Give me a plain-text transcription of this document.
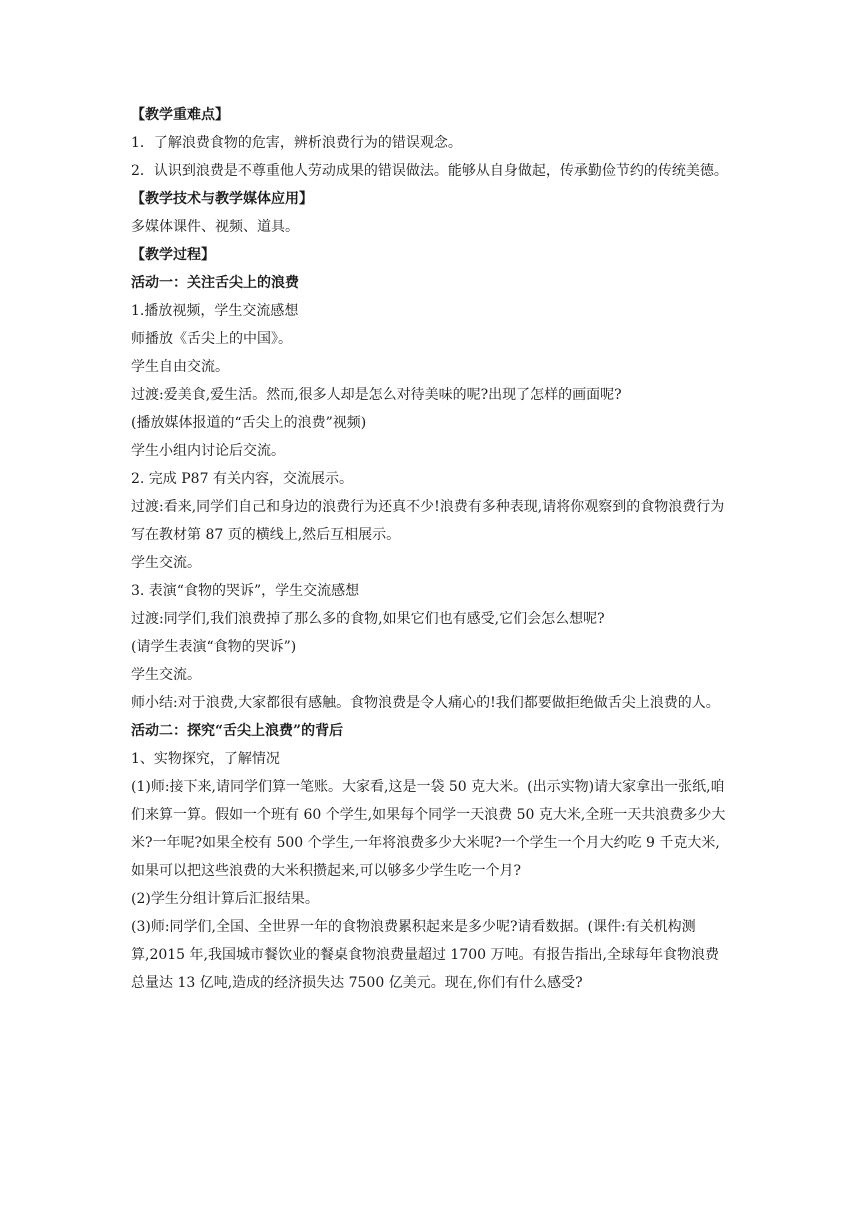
【教学重难点】
1．了解浪费食物的危害，辨析浪费行为的错误观念。
2．认识到浪费是不尊重他人劳动成果的错误做法。能够从自身做起，传承勤俭节约的传统美德。
【教学技术与教学媒体应用】
多媒体课件、视频、道具。
【教学过程】
活动一：关注舌尖上的浪费
1.播放视频，学生交流感想
师播放《舌尖上的中国》。
学生自由交流。
过渡:爱美食,爱生活。然而,很多人却是怎么对待美味的呢?出现了怎样的画面呢?
(播放媒体报道的“舌尖上的浪费”视频)
学生小组内讨论后交流。
2. 完成 P87 有关内容，交流展示。
过渡:看来,同学们自己和身边的浪费行为还真不少!浪费有多种表现,请将你观察到的食物浪费行为写在教材第 87 页的横线上,然后互相展示。
学生交流。
3. 表演“食物的哭诉”，学生交流感想
过渡:同学们,我们浪费掉了那么多的食物,如果它们也有感受,它们会怎么想呢?
(请学生表演“食物的哭诉”)
学生交流。
师小结:对于浪费,大家都很有感触。食物浪费是令人痛心的!我们都要做拒绝做舌尖上浪费的人。
活动二：探究“舌尖上浪费”的背后
1、实物探究，了解情况
(1)师:接下来,请同学们算一笔账。大家看,这是一袋 50 克大米。(出示实物)请大家拿出一张纸,咱们来算一算。假如一个班有 60 个学生,如果每个同学一天浪费 50 克大米,全班一天共浪费多少大米?一年呢?如果全校有 500 个学生,一年将浪费多少大米呢?一个学生一个月大约吃 9 千克大米,如果可以把这些浪费的大米积攒起来,可以够多少学生吃一个月?
(2)学生分组计算后汇报结果。
(3)师:同学们,全国、全世界一年的食物浪费累积起来是多少呢?请看数据。(课件:有关机构测算,2015 年,我国城市餐饮业的餐桌食物浪费量超过 1700 万吨。有报告指出,全球每年食物浪费总量达 13 亿吨,造成的经济损失达 7500 亿美元。现在,你们有什么感受?
